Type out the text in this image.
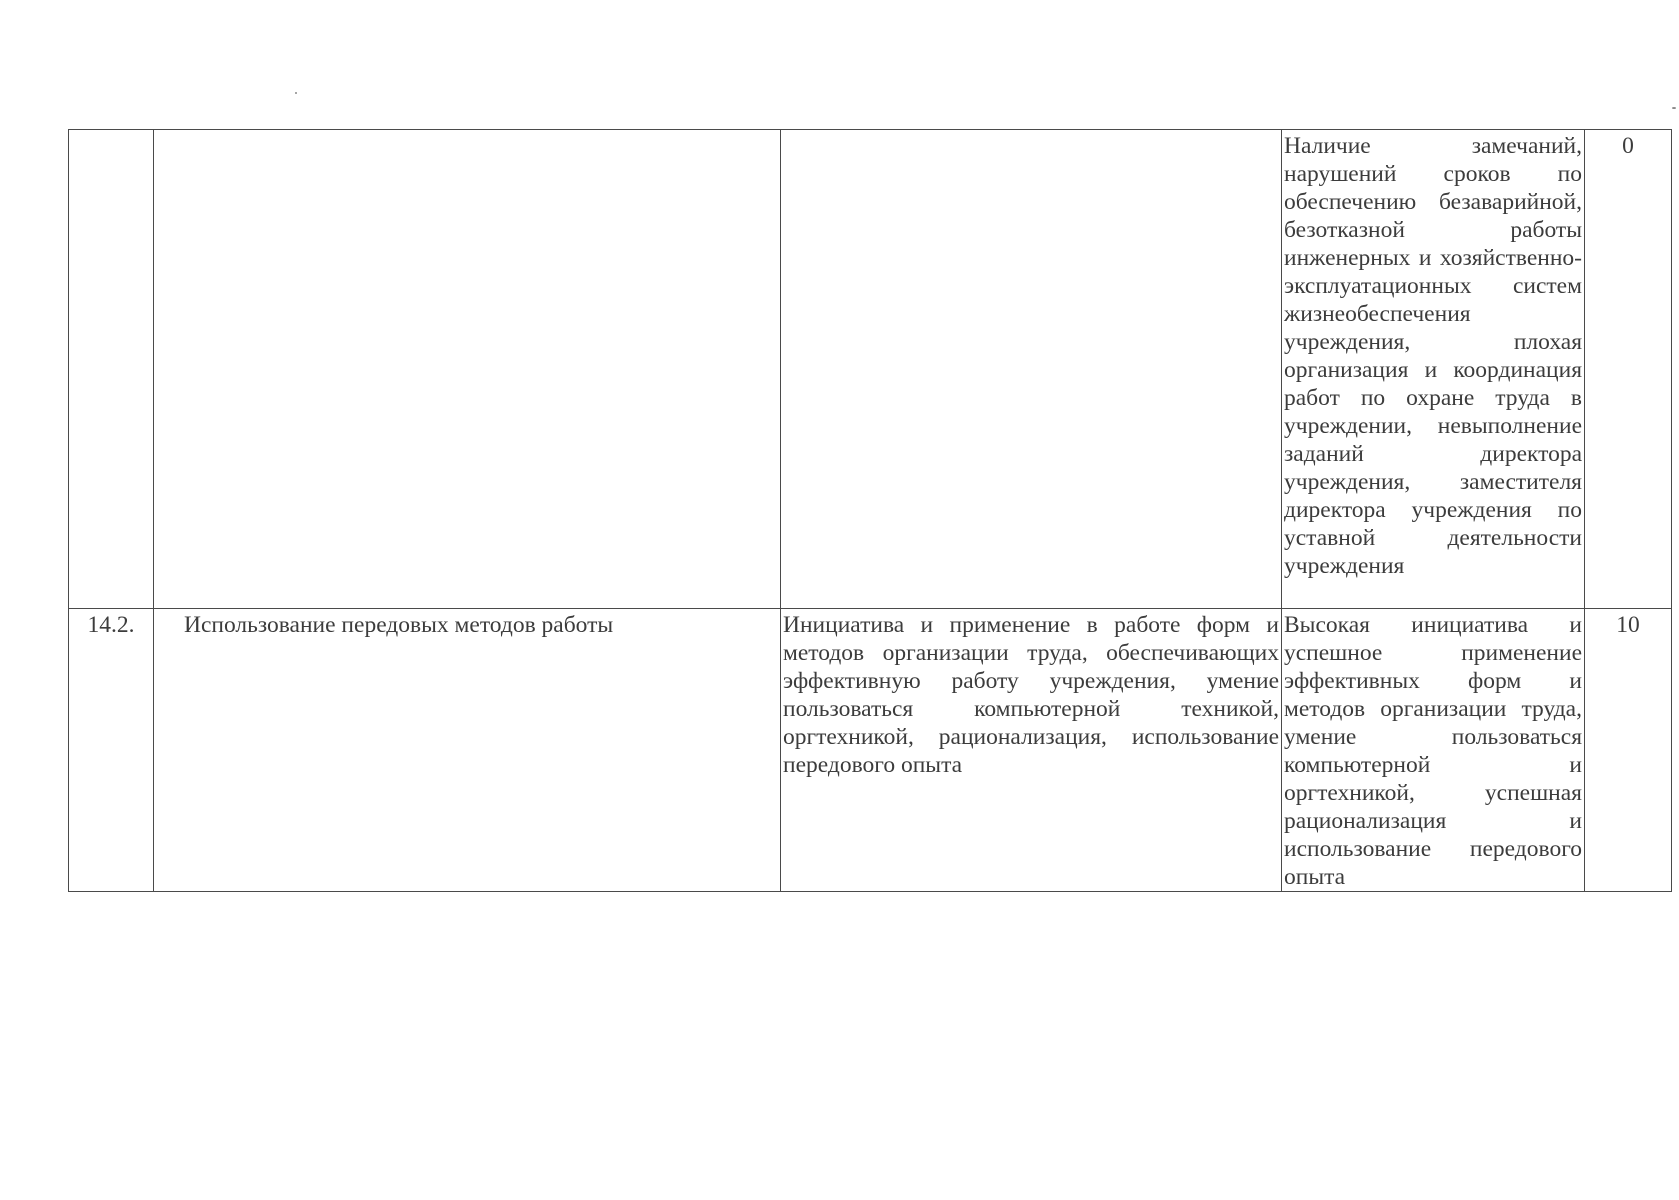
			Наличие замечаний, нарушений сроков по обеспечению безаварийной, безотказной работы инженерных и хозяйственно-эксплуатационных систем жизнеобеспечения учреждения, плохая организация и координация работ по охране труда в учреждении, невыполнение заданий директора учреждения, заместителя директора учреждения по уставной деятельности учреждения	0
14.2.	Использование передовых методов работы	Инициатива и применение в работе форм и методов организации труда, обеспечивающих эффективную работу учреждения, умение пользоваться компьютерной техникой, оргтехникой, рационализация, использование передового опыта	Высокая инициатива и успешное применение эффективных форм и методов организации труда, умение пользоваться компьютерной и оргтехникой, успешная рационализация и использование передового опыта	10
